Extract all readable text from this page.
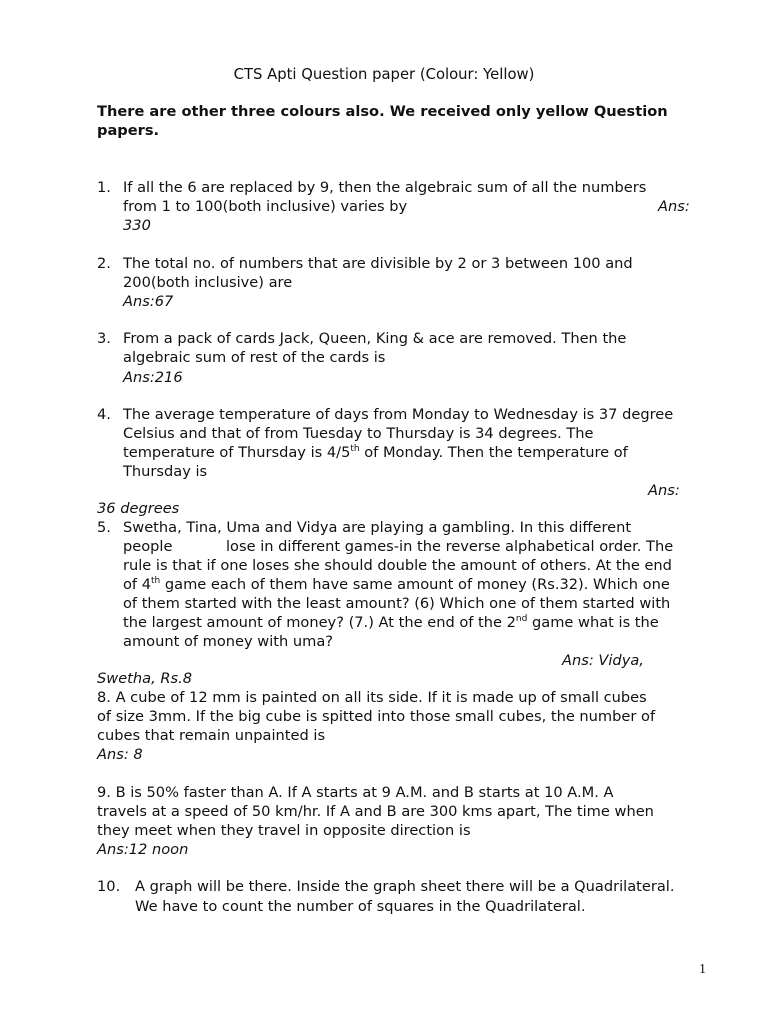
CTS Apti Question paper (Colour: Yellow)
There are other three colours also. We received only yellow Question
papers.
1. If all the 6 are replaced by 9, then the algebraic sum of all the numbers
from 1 to 100(both inclusive) varies by	Ans:
330
2. The total no. of numbers that are divisible by 2 or 3 between 100 and
200(both inclusive) are
Ans:67
3. From a pack of cards Jack, Queen, King & ace are removed. Then the
algebraic sum of rest of the cards is
Ans:216
4. The average temperature of days from Monday to Wednesday is 37 degree
Celsius and that of from Tuesday to Thursday is 34 degrees. The
temperature of Thursday is 4/5th of Monday. Then the temperature of
Thursday is
Ans:
36 degrees
5. Swetha, Tina, Uma and Vidya are playing a gambling. In this different
people	lose in different games-in the reverse alphabetical order. The
rule is that if one loses she should double the amount of others. At the end
of 4th game each of them have same amount of money (Rs.32). Which one
of them started with the least amount? (6) Which one of them started with
the largest amount of money? (7.) At the end of the 2nd game what is the
amount of money with uma?
Ans: Vidya,
Swetha, Rs.8
8. A cube of 12 mm is painted on all its side. If it is made up of small cubes
of size 3mm. If the big cube is spitted into those small cubes, the number of
cubes that remain unpainted is
Ans: 8
9. B is 50% faster than A. If A starts at 9 A.M. and B starts at 10 A.M. A
travels at a speed of 50 km/hr. If A and B are 300 kms apart, The time when
they meet when they travel in opposite direction is
Ans:12 noon
10. A graph will be there. Inside the graph sheet there will be a Quadrilateral.
We have to count the number of squares in the Quadrilateral.
1
